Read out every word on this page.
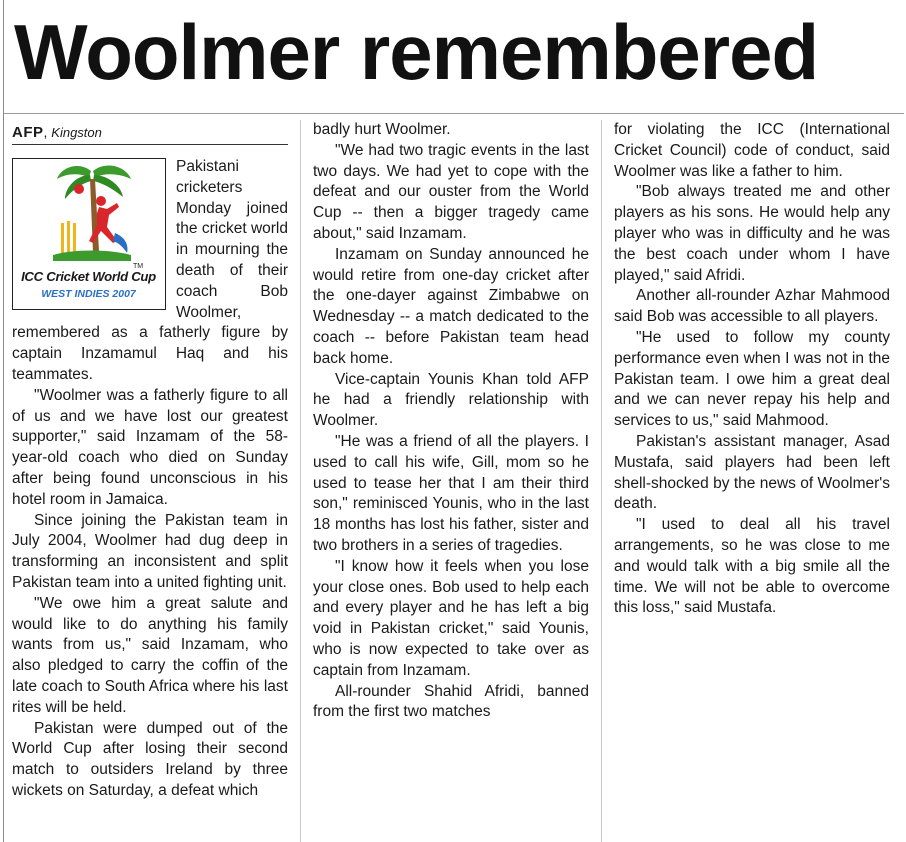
Woolmer remembered
AFP, Kingston
TM
ICC Cricket World Cup
WEST INDIES 2007

Pakistani cricketers Monday joined the cricket world in mourning the death of their coach Bob Woolmer, remembered as a fatherly figure by captain Inzamamul Haq and his teammates.

"Woolmer was a fatherly figure to all of us and we have lost our greatest supporter," said Inzamam of the 58-year-old coach who died on Sunday after being found unconscious in his hotel room in Jamaica.

Since joining the Pakistan team in July 2004, Woolmer had dug deep in transforming an inconsistent and split Pakistan team into a united fighting unit.

"We owe him a great salute and would like to do anything his family wants from us," said Inzamam, who also pledged to carry the coffin of the late coach to South Africa where his last rites will be held.

Pakistan were dumped out of the World Cup after losing their second match to outsiders Ireland by three wickets on Saturday, a defeat which

badly hurt Woolmer.

"We had two tragic events in the last two days. We had yet to cope with the defeat and our ouster from the World Cup -- then a bigger tragedy came about," said Inzamam.

Inzamam on Sunday announced he would retire from one-day cricket after the one-dayer against Zimbabwe on Wednesday -- a match dedicated to the coach -- before Pakistan team head back home.

Vice-captain Younis Khan told AFP he had a friendly relationship with Woolmer.

"He was a friend of all the players. I used to call his wife, Gill, mom so he used to tease her that I am their third son," reminisced Younis, who in the last 18 months has lost his father, sister and two brothers in a series of tragedies.

"I know how it feels when you lose your close ones. Bob used to help each and every player and he has left a big void in Pakistan cricket," said Younis, who is now expected to take over as captain from Inzamam.

All-rounder Shahid Afridi, banned from the first two matches

for violating the ICC (International Cricket Council) code of conduct, said Woolmer was like a father to him.

"Bob always treated me and other players as his sons. He would help any player who was in difficulty and he was the best coach under whom I have played," said Afridi.

Another all-rounder Azhar Mahmood said Bob was accessible to all players.

"He used to follow my county performance even when I was not in the Pakistan team. I owe him a great deal and we can never repay his help and services to us," said Mahmood.

Pakistan's assistant manager, Asad Mustafa, said players had been left shell-shocked by the news of Woolmer's death.

"I used to deal all his travel arrangements, so he was close to me and would talk with a big smile all the time. We will not be able to overcome this loss," said Mustafa.
